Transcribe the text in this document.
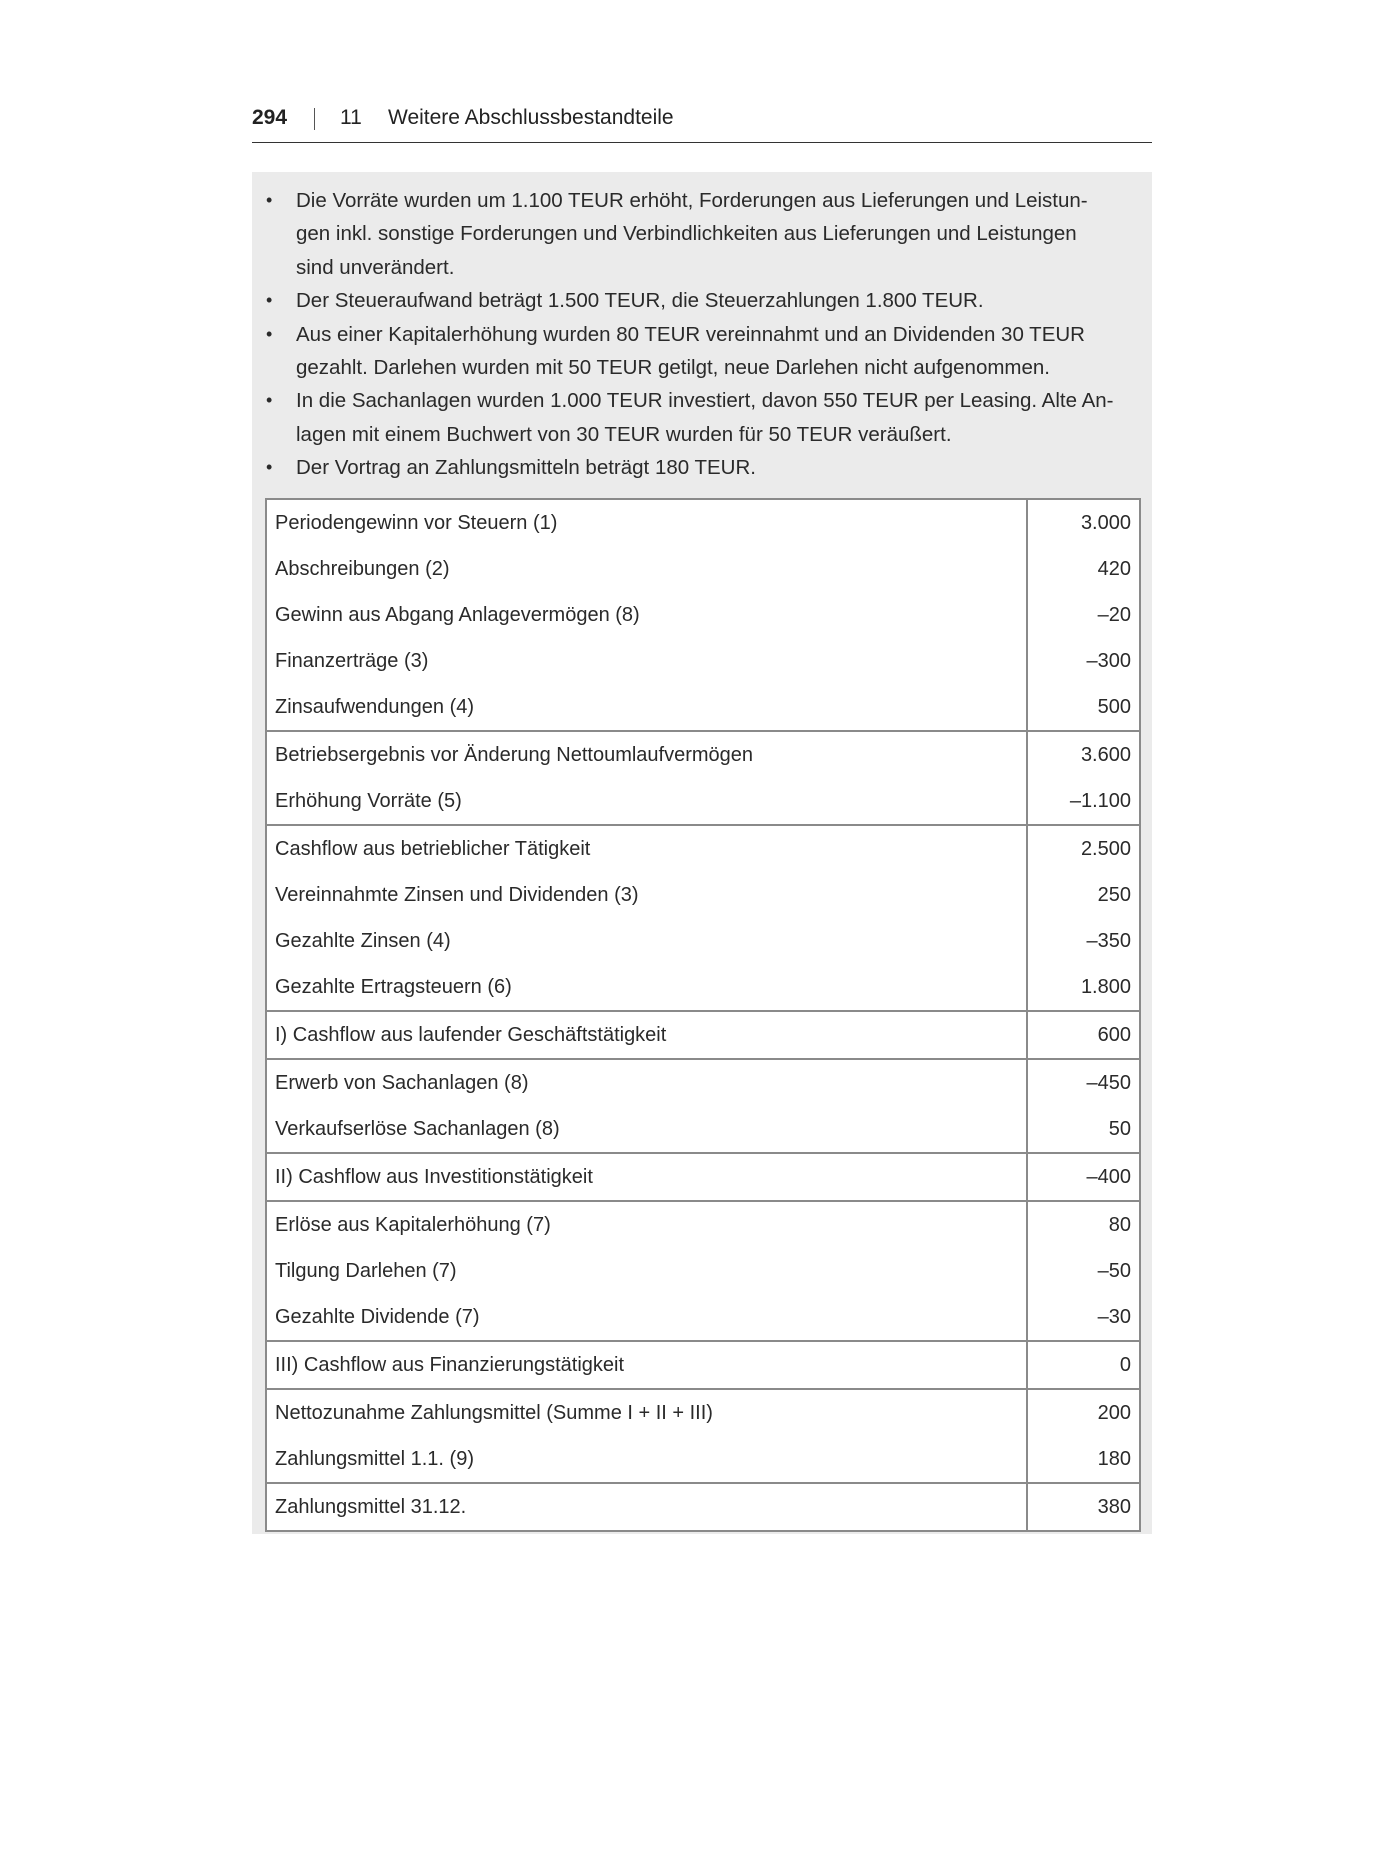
294	11 Weitere Abschlussbestandteile
• Die Vorräte wurden um 1.100 TEUR erhöht, Forderungen aus Lieferungen und Leistun-
gen inkl. sonstige Forderungen und Verbindlichkeiten aus Lieferungen und Leistungen
sind unverändert.
• Der Steueraufwand beträgt 1.500 TEUR, die Steuerzahlungen 1.800 TEUR.
• Aus einer Kapitalerhöhung wurden 80 TEUR vereinnahmt und an Dividenden 30 TEUR
gezahlt. Darlehen wurden mit 50 TEUR getilgt, neue Darlehen nicht aufgenommen.
• In die Sachanlagen wurden 1.000 TEUR investiert, davon 550 TEUR per Leasing. Alte An-
lagen mit einem Buchwert von 30 TEUR wurden für 50 TEUR veräußert.
• Der Vortrag an Zahlungsmitteln beträgt 180 TEUR.
Periodengewinn vor Steuern (1)	3.000
Abschreibungen (2)	420
Gewinn aus Abgang Anlagevermögen (8)	–20
Finanzerträge (3)	–300
Zinsaufwendungen (4)	500
Betriebsergebnis vor Änderung Nettoumlaufvermögen	3.600
Erhöhung Vorräte (5)	–1.100
Cashflow aus betrieblicher Tätigkeit	2.500
Vereinnahmte Zinsen und Dividenden (3)	250
Gezahlte Zinsen (4)	–350
Gezahlte Ertragsteuern (6)	1.800
I) Cashflow aus laufender Geschäftstätigkeit	600
Erwerb von Sachanlagen (8)	–450
Verkaufserlöse Sachanlagen (8)	50
II) Cashflow aus Investitionstätigkeit	–400
Erlöse aus Kapitalerhöhung (7)	80
Tilgung Darlehen (7)	–50
Gezahlte Dividende (7)	–30
III) Cashflow aus Finanzierungstätigkeit	0
Nettozunahme Zahlungsmittel (Summe I + II + III)	200
Zahlungsmittel 1.1. (9)	180
Zahlungsmittel 31.12.	380
